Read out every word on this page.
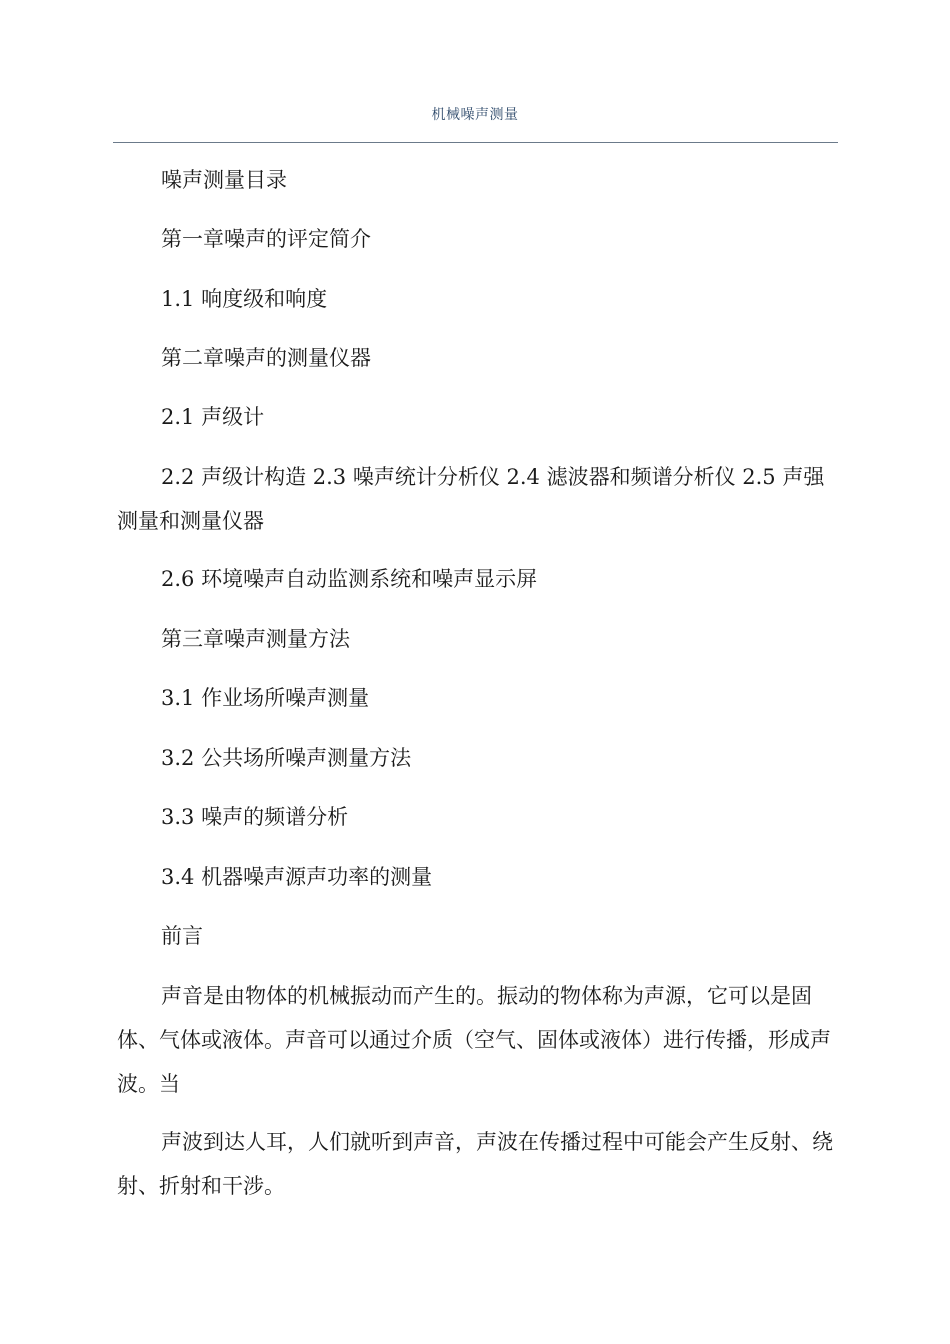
机械噪声测量
噪声测量目录
第一章噪声的评定简介
1.1 响度级和响度
第二章噪声的测量仪器
2.1 声级计
2.2 声级计构造 2.3 噪声统计分析仪 2.4 滤波器和频谱分析仪 2.5 声强测量和测量仪器
2.6 环境噪声自动监测系统和噪声显示屏
第三章噪声测量方法
3.1 作业场所噪声测量
3.2 公共场所噪声测量方法
3.3 噪声的频谱分析
3.4 机器噪声源声功率的测量
前言
声音是由物体的机械振动而产生的。振动的物体称为声源，它可以是固体、气体或液体。声音可以通过介质（空气、固体或液体）进行传播，形成声波。当
声波到达人耳，人们就听到声音，声波在传播过程中可能会产生反射、绕射、折射和干涉。
